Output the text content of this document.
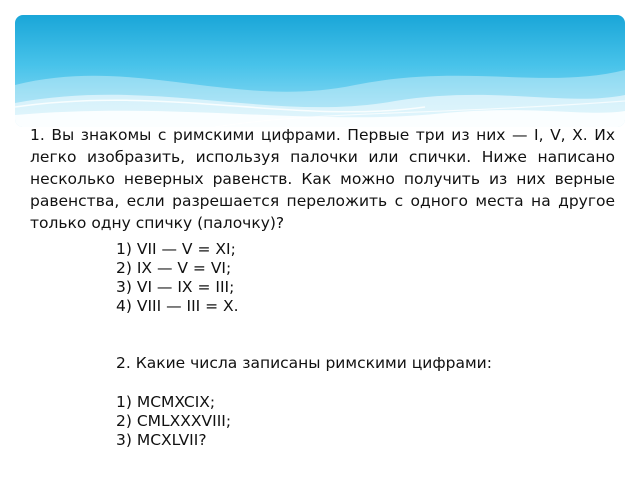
1. Вы знакомы с римскими цифрами. Первые три из них — I, V, X. Их легко изобразить, используя палочки или спички. Ниже написано несколько неверных равенств. Как можно получить из них верные равенства, если разрешается переложить с одного места на другое только одну спичку (палочку)?

1) VII — V = XI;
2) IX — V = VI;
3) VI — IX = III;
4) VIII — III = X.

2. Какие числа записаны римскими цифрами:

1) MCMXCIX;
2) CMLXXXVIII;
3) MCXLVII?
